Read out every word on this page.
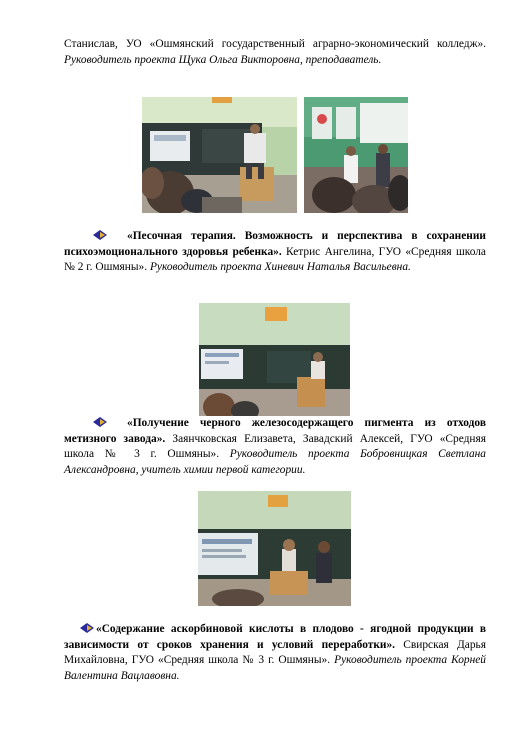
Станислав, УО «Ошмянский государственный аграрно-экономический колледж». Руководитель проекта Щука Ольга Викторовна, преподаватель.
«Песочная терапия. Возможность и перспектива в сохранении психоэмоционального здоровья ребенка». Кетрис Ангелина, ГУО «Средняя школа № 2 г. Ошмяны». Руководитель проекта Хиневич Наталья Васильевна.
«Получение черного железосодержащего пигмента из отходов метизного завода». Заянчковская Елизавета, Завадский Алексей, ГУО «Средняя школа № 3 г. Ошмяны». Руководитель проекта Бобровницкая Светлана Александровна, учитель химии первой категории.
«Содержание аскорбиновой кислоты в плодово - ягодной продукции в зависимости от сроков хранения и условий переработки». Свирская Дарья Михайловна, ГУО «Средняя школа № 3 г. Ошмяны». Руководитель проекта Корней Валентина Вацлавовна.
